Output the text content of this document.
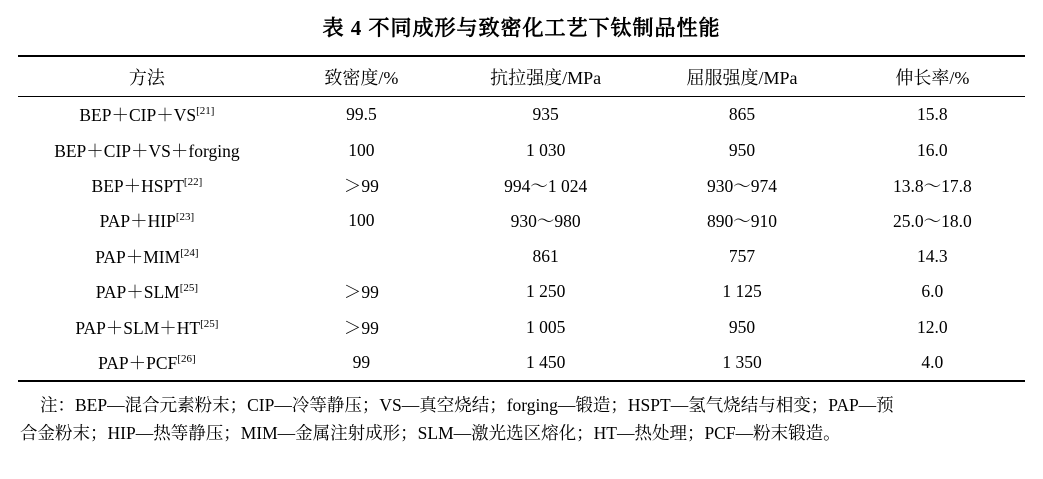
表 4 不同成形与致密化工艺下钛制品性能
方法	致密度/%	抗拉强度/MPa	屈服强度/MPa	伸长率/%
BEP＋CIP＋VS[21]	99.5	935	865	15.8
BEP＋CIP＋VS＋forging	100	1 030	950	16.0
BEP＋HSPT[22]	＞99	994～1 024	930～974	13.8～17.8
PAP＋HIP[23]	100	930～980	890～910	25.0～18.0
PAP＋MIM[24]		861	757	14.3
PAP＋SLM[25]	＞99	1 250	1 125	6.0
PAP＋SLM＋HT[25]	＞99	1 005	950	12.0
PAP＋PCF[26]	99	1 450	1 350	4.0
注：BEP—混合元素粉末；CIP—冷等静压；VS—真空烧结；forging—锻造；HSPT—氢气烧结与相变；PAP—预
合金粉末；HIP—热等静压；MIM—金属注射成形；SLM—激光选区熔化；HT—热处理；PCF—粉末锻造。
